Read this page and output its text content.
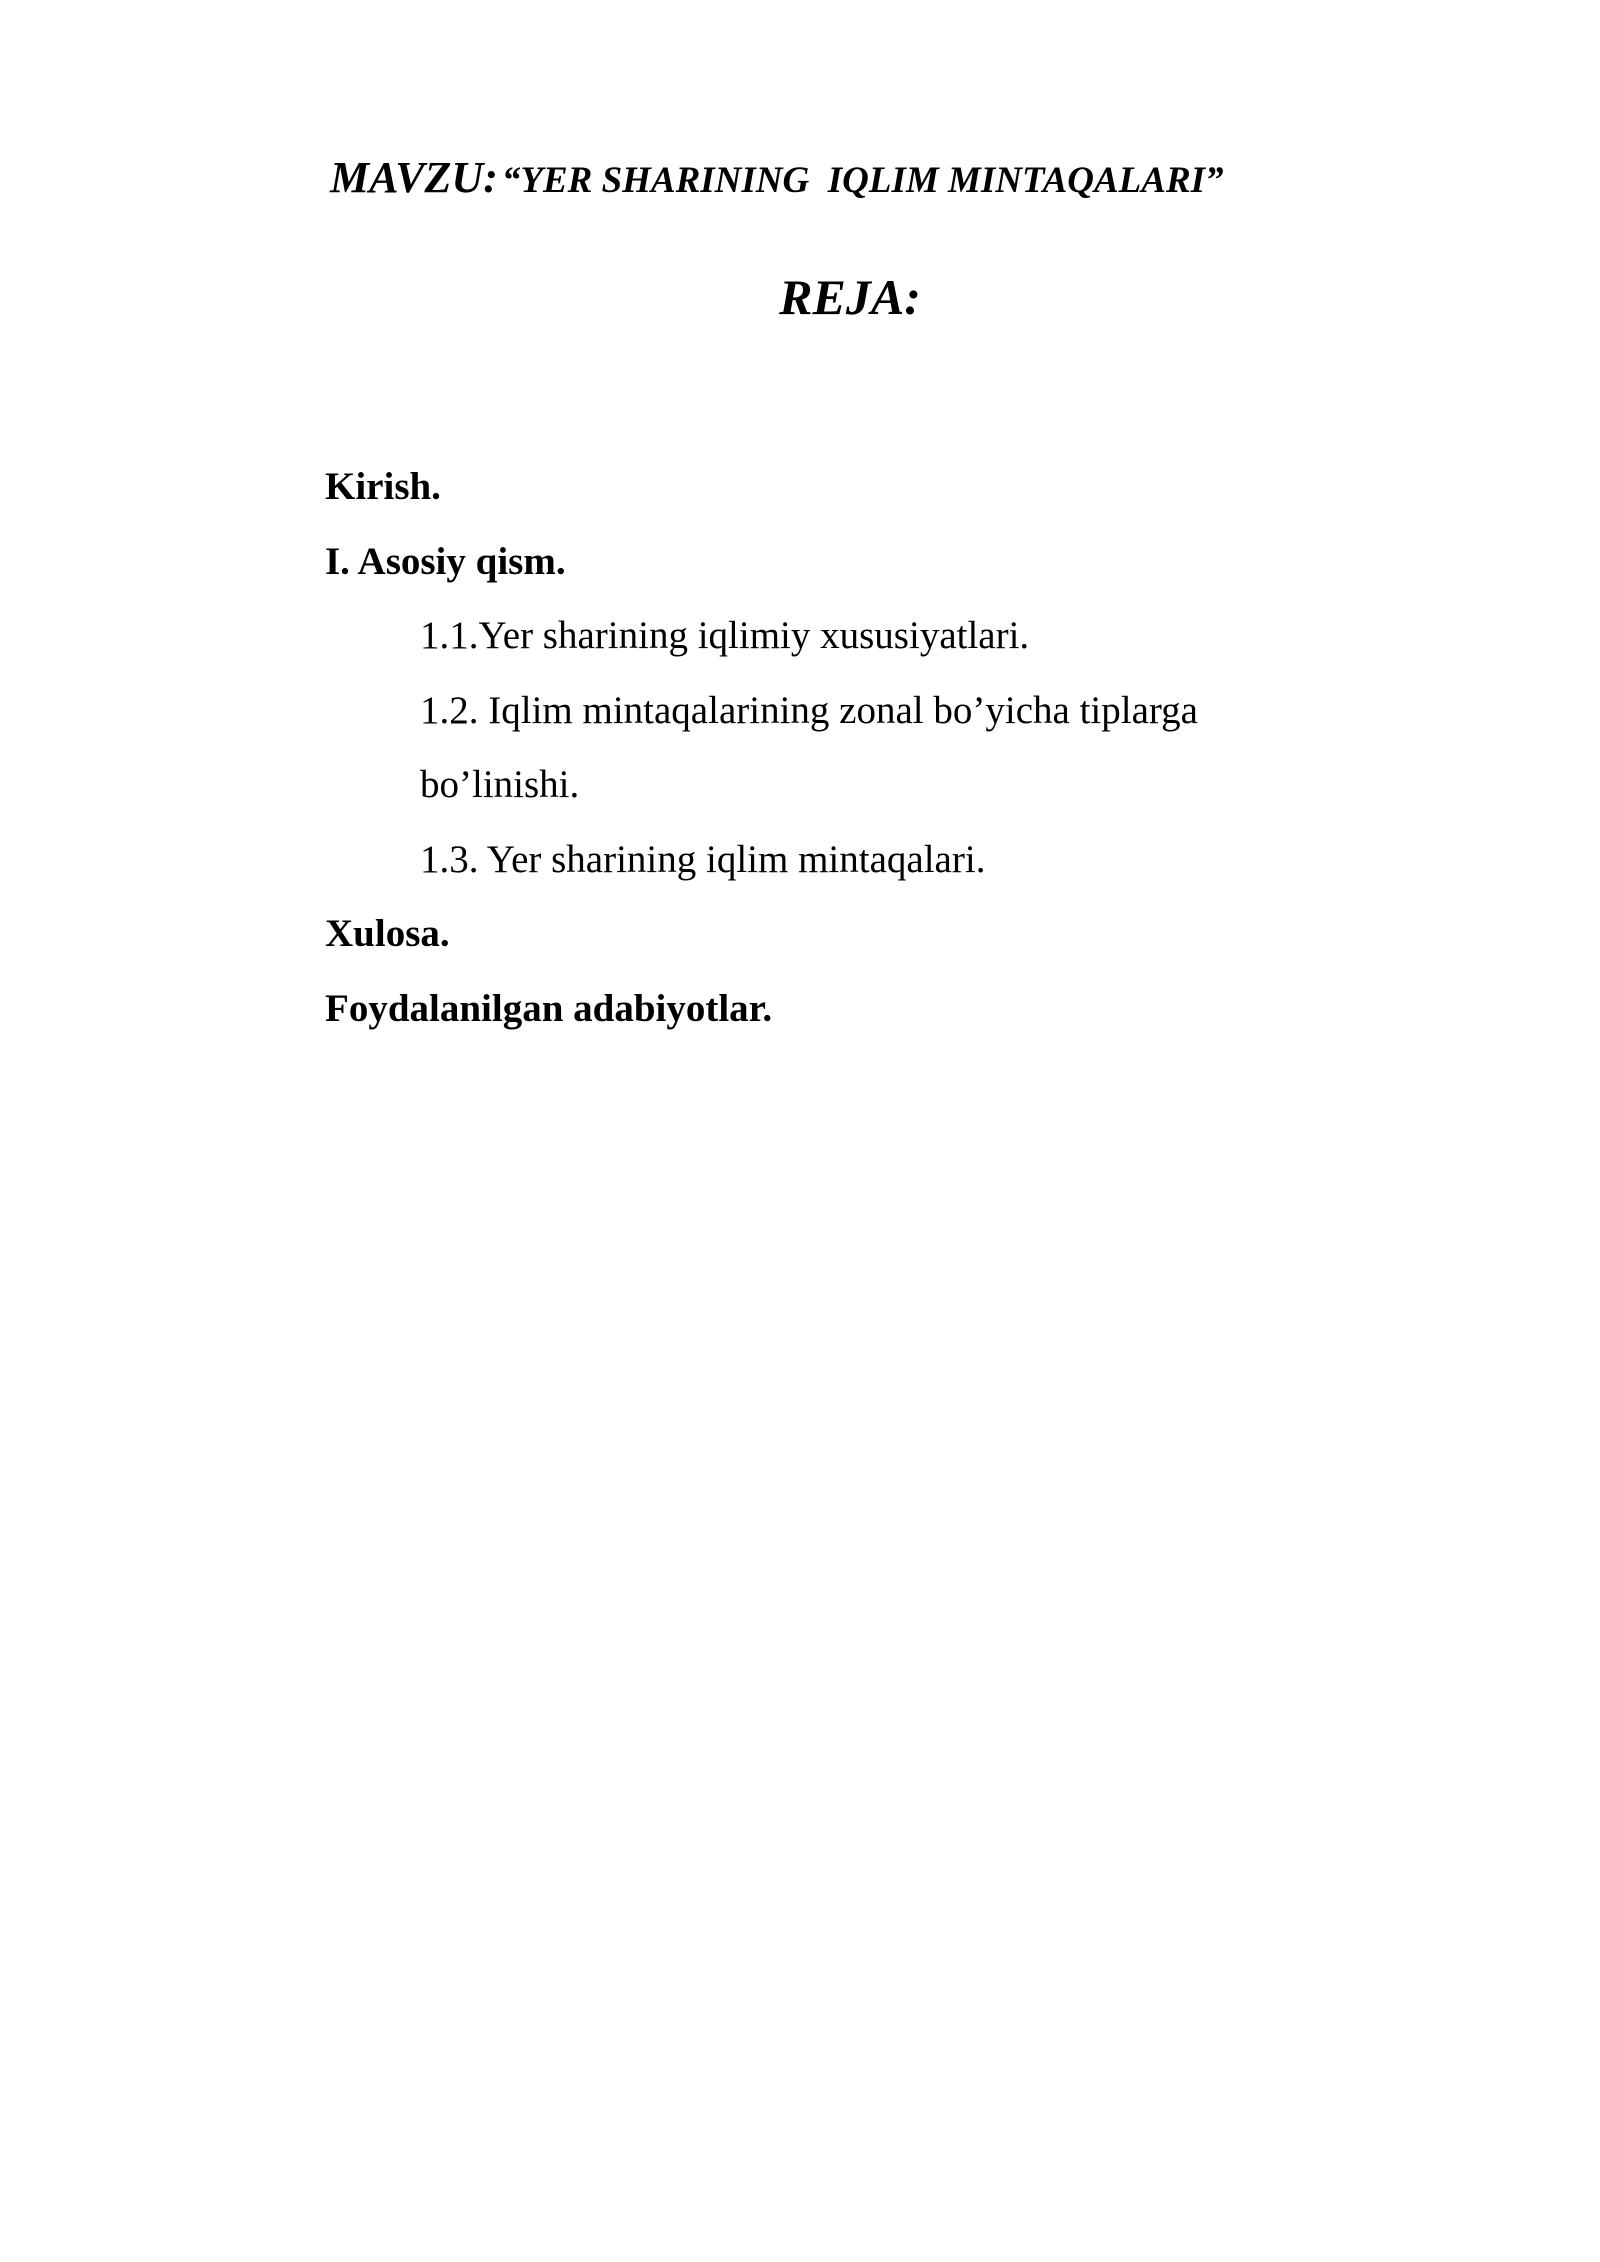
MAVZU: “YER SHARINING  IQLIM MINTAQALARI”
REJA:
Kirish.
I. Asosiy qism.
1.1.Yer sharining iqlimiy xususiyatlari.
1.2. Iqlim mintaqalarining zonal bo’yicha tiplarga
bo’linishi.
1.3. Yer sharining iqlim mintaqalari.
Xulosa.
Foydalanilgan adabiyotlar.
